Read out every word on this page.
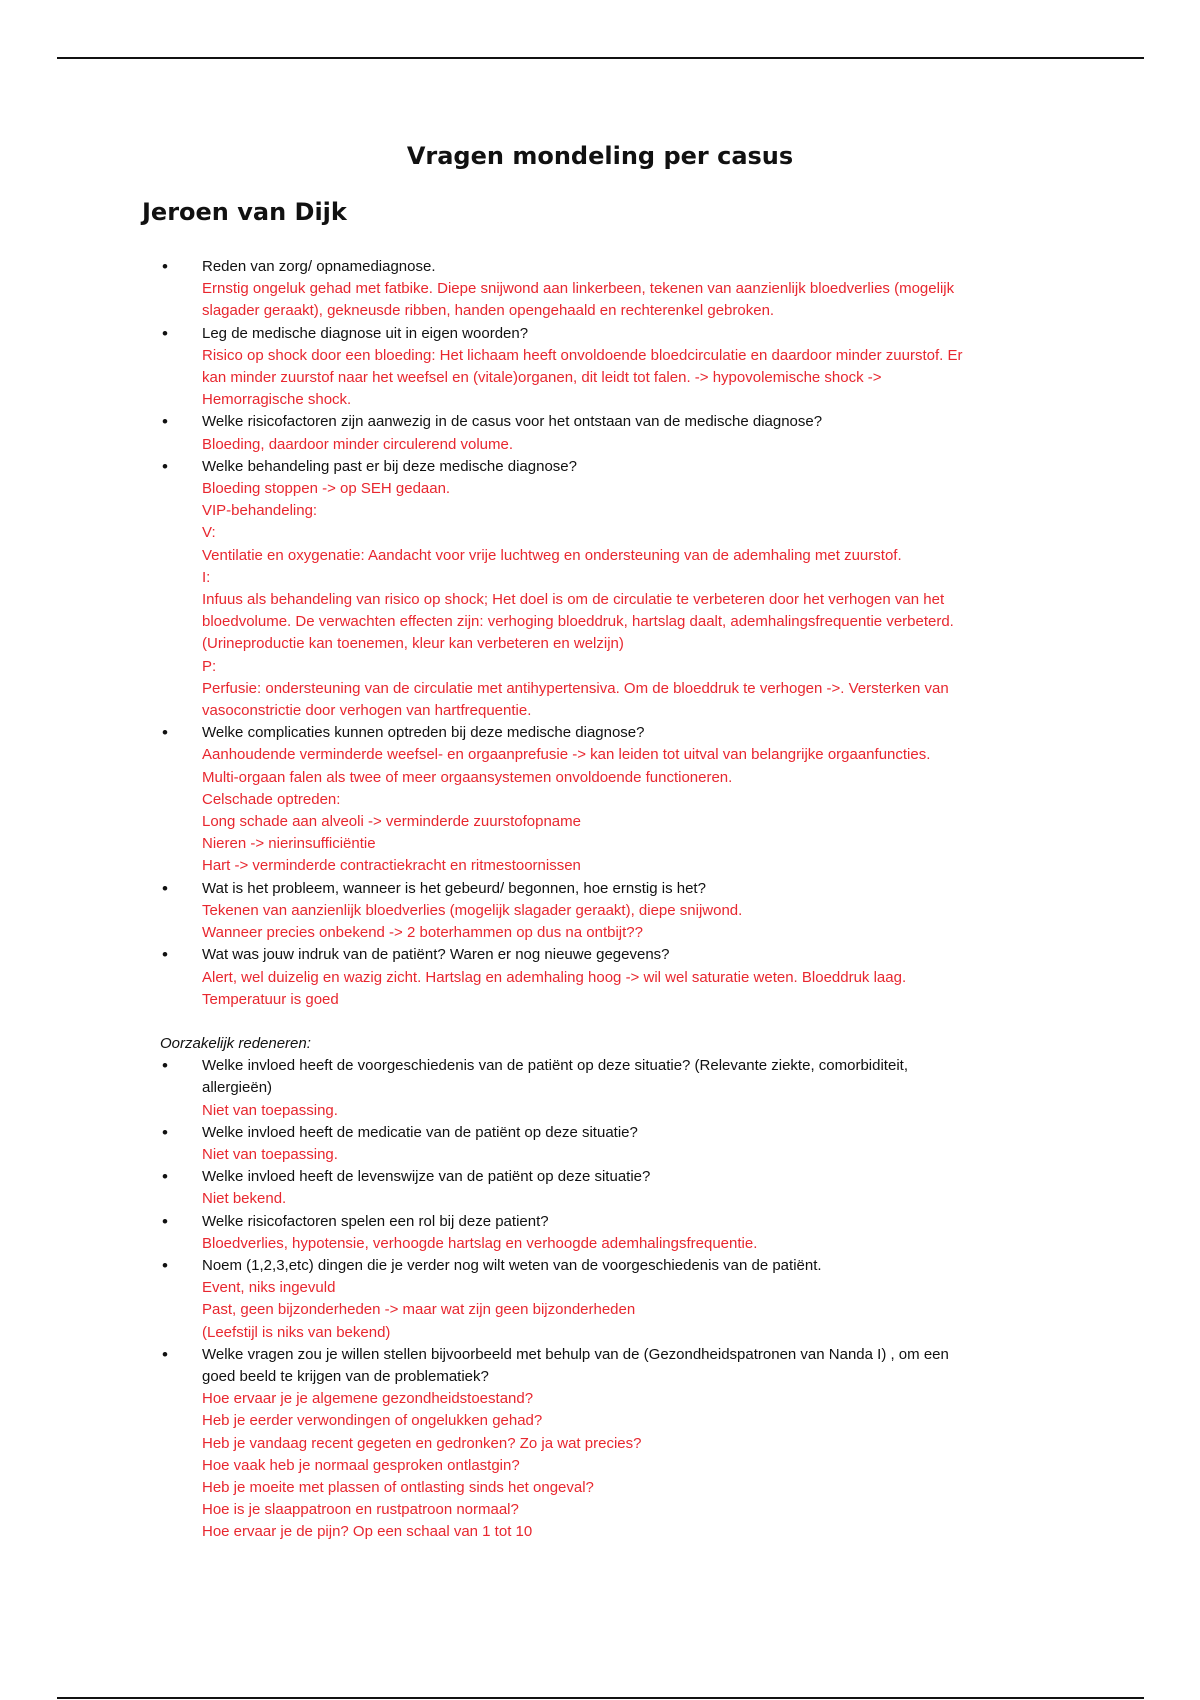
Vragen mondeling per casus
Jeroen van Dijk
• Reden van zorg/ opnamediagnose.
Ernstig ongeluk gehad met fatbike. Diepe snijwond aan linkerbeen, tekenen van aanzienlijk bloedverlies (mogelijk
slagader geraakt), gekneusde ribben, handen opengehaald en rechterenkel gebroken.
• Leg de medische diagnose uit in eigen woorden?
Risico op shock door een bloeding: Het lichaam heeft onvoldoende bloedcirculatie en daardoor minder zuurstof. Er
kan minder zuurstof naar het weefsel en (vitale)organen, dit leidt tot falen. -> hypovolemische shock ->
Hemorragische shock.
• Welke risicofactoren zijn aanwezig in de casus voor het ontstaan van de medische diagnose?
Bloeding, daardoor minder circulerend volume.
• Welke behandeling past er bij deze medische diagnose?
Bloeding stoppen -> op SEH gedaan.
VIP-behandeling:
V:
Ventilatie en oxygenatie: Aandacht voor vrije luchtweg en ondersteuning van de ademhaling met zuurstof.
I:
Infuus als behandeling van risico op shock; Het doel is om de circulatie te verbeteren door het verhogen van het
bloedvolume. De verwachten effecten zijn: verhoging bloeddruk, hartslag daalt, ademhalingsfrequentie verbeterd.
(Urineproductie kan toenemen, kleur kan verbeteren en welzijn)
P:
Perfusie: ondersteuning van de circulatie met antihypertensiva. Om de bloeddruk te verhogen ->. Versterken van
vasoconstrictie door verhogen van hartfrequentie.
• Welke complicaties kunnen optreden bij deze medische diagnose?
Aanhoudende verminderde weefsel- en orgaanprefusie -> kan leiden tot uitval van belangrijke orgaanfuncties.
Multi-orgaan falen als twee of meer orgaansystemen onvoldoende functioneren.
Celschade optreden:
Long schade aan alveoli -> verminderde zuurstofopname
Nieren -> nierinsufficiëntie
Hart -> verminderde contractiekracht en ritmestoornissen
• Wat is het probleem, wanneer is het gebeurd/ begonnen, hoe ernstig is het?
Tekenen van aanzienlijk bloedverlies (mogelijk slagader geraakt), diepe snijwond.
Wanneer precies onbekend -> 2 boterhammen op dus na ontbijt??
• Wat was jouw indruk van de patiënt? Waren er nog nieuwe gegevens?
Alert, wel duizelig en wazig zicht. Hartslag en ademhaling hoog -> wil wel saturatie weten. Bloeddruk laag.
Temperatuur is goed
Oorzakelijk redeneren:
• Welke invloed heeft de voorgeschiedenis van de patiënt op deze situatie? (Relevante ziekte, comorbiditeit,
allergieën)
Niet van toepassing.
• Welke invloed heeft de medicatie van de patiënt op deze situatie?
Niet van toepassing.
• Welke invloed heeft de levenswijze van de patiënt op deze situatie?
Niet bekend.
• Welke risicofactoren spelen een rol bij deze patient?
Bloedverlies, hypotensie, verhoogde hartslag en verhoogde ademhalingsfrequentie.
• Noem (1,2,3,etc) dingen die je verder nog wilt weten van de voorgeschiedenis van de patiënt.
Event, niks ingevuld
Past, geen bijzonderheden -> maar wat zijn geen bijzonderheden
(Leefstijl is niks van bekend)
• Welke vragen zou je willen stellen bijvoorbeeld met behulp van de (Gezondheidspatronen van Nanda I) , om een
goed beeld te krijgen van de problematiek?
Hoe ervaar je je algemene gezondheidstoestand?
Heb je eerder verwondingen of ongelukken gehad?
Heb je vandaag recent gegeten en gedronken? Zo ja wat precies?
Hoe vaak heb je normaal gesproken ontlastgin?
Heb je moeite met plassen of ontlasting sinds het ongeval?
Hoe is je slaappatroon en rustpatroon normaal?
Hoe ervaar je de pijn? Op een schaal van 1 tot 10
